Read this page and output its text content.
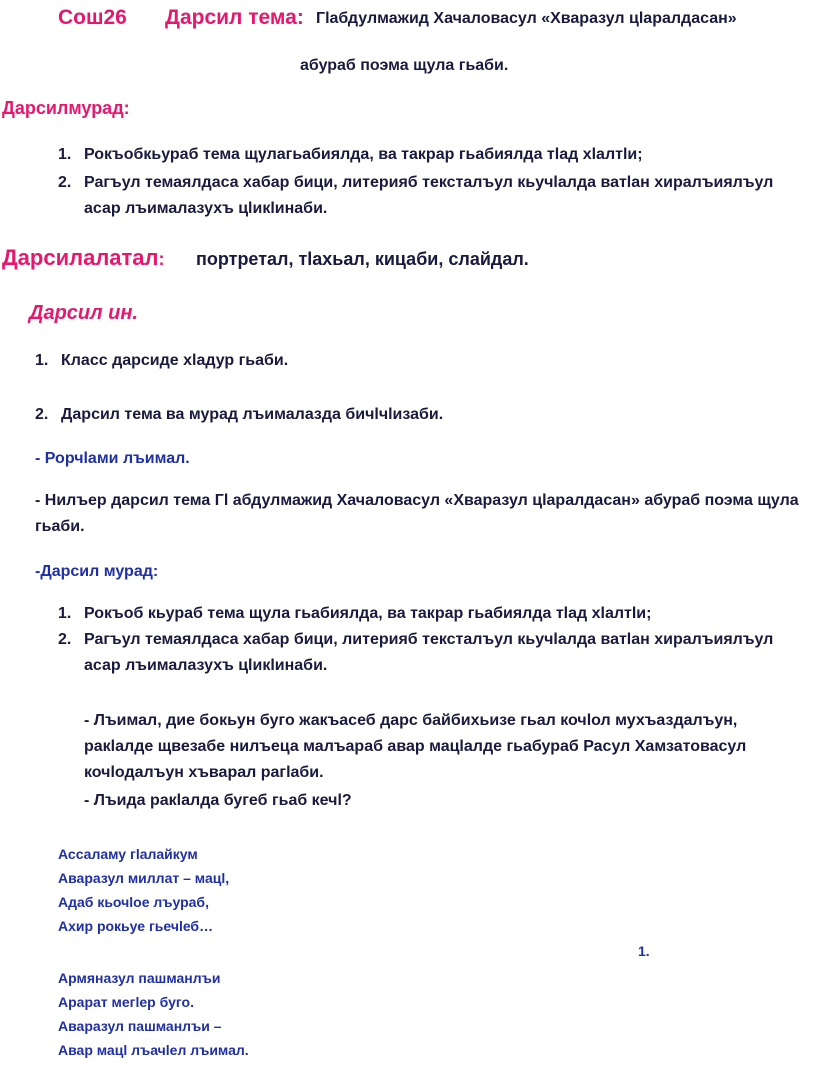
Сош26 Дарсил тема: Гlабдулмажид Хачаловасул «Хваразул цlаралдасан»

абураб поэма щула гьаби.

Дарсилмурад:

1. Рокъобкьураб тема щулагьабиялда, ва такрар гьабиялда тlад хlалтlи;
2. Рагъул темаялдаса хабар бици, литерияб тексталъул кьучlалда ватlан хиралъиялъул асар лъималазухъ цlикlинаби.

Дарсилалатал: портретал, тlахьал, кицаби, слайдал.

Дарсил ин.

1. Класс дарсиде хlадур гьаби.
2. Дарсил тема ва мурад лъималазда бичlчlизаби.

- Рорчlами лъимал.

- Нилъер дарсил тема Гl абдулмажид Хачаловасул «Хваразул цlаралдасан» абураб поэма щула гьаби.

-Дарсил мурад:

1. Рокъоб кьураб тема щула гьабиялда, ва такрар гьабиялда тlад хlалтlи;
2. Рагъул темаялдаса хабар бици, литерияб тексталъул кьучlалда ватlан хиралъиялъул асар лъималазухъ цlикlинаби.

- Лъимал, дие бокьун буго жакъасеб дарс байбихьизе гьал кочlол мухъаздалъун, ракlалде щвезабе нилъеца малъараб авар мацlалде гьабураб Расул Хамзатовасул кочlодалъун хъварал рагlаби.

- Лъида ракlалда бугеб гьаб кечl?

Ассаламу гlалайкум
Аваразул миллат – мацl,
Адаб кьочlое лъураб,
Ахир рокьуе гьечlеб…

1.

Армяназул пашманлъи
Арарат мегlер буго.
Аваразул пашманлъи –
Авар мацl лъачlел лъимал.
